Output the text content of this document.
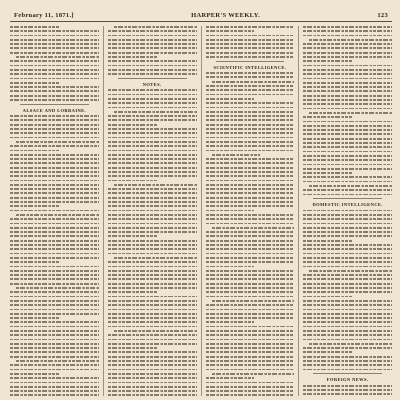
February 11, 1871.]	HARPER'S WEEKLY.	123
ALSACE AND LORRAINE.
NOTES.
SCIENTIFIC INTELLIGENCE.
DOMESTIC INTELLIGENCE.
FOREIGN NEWS.
